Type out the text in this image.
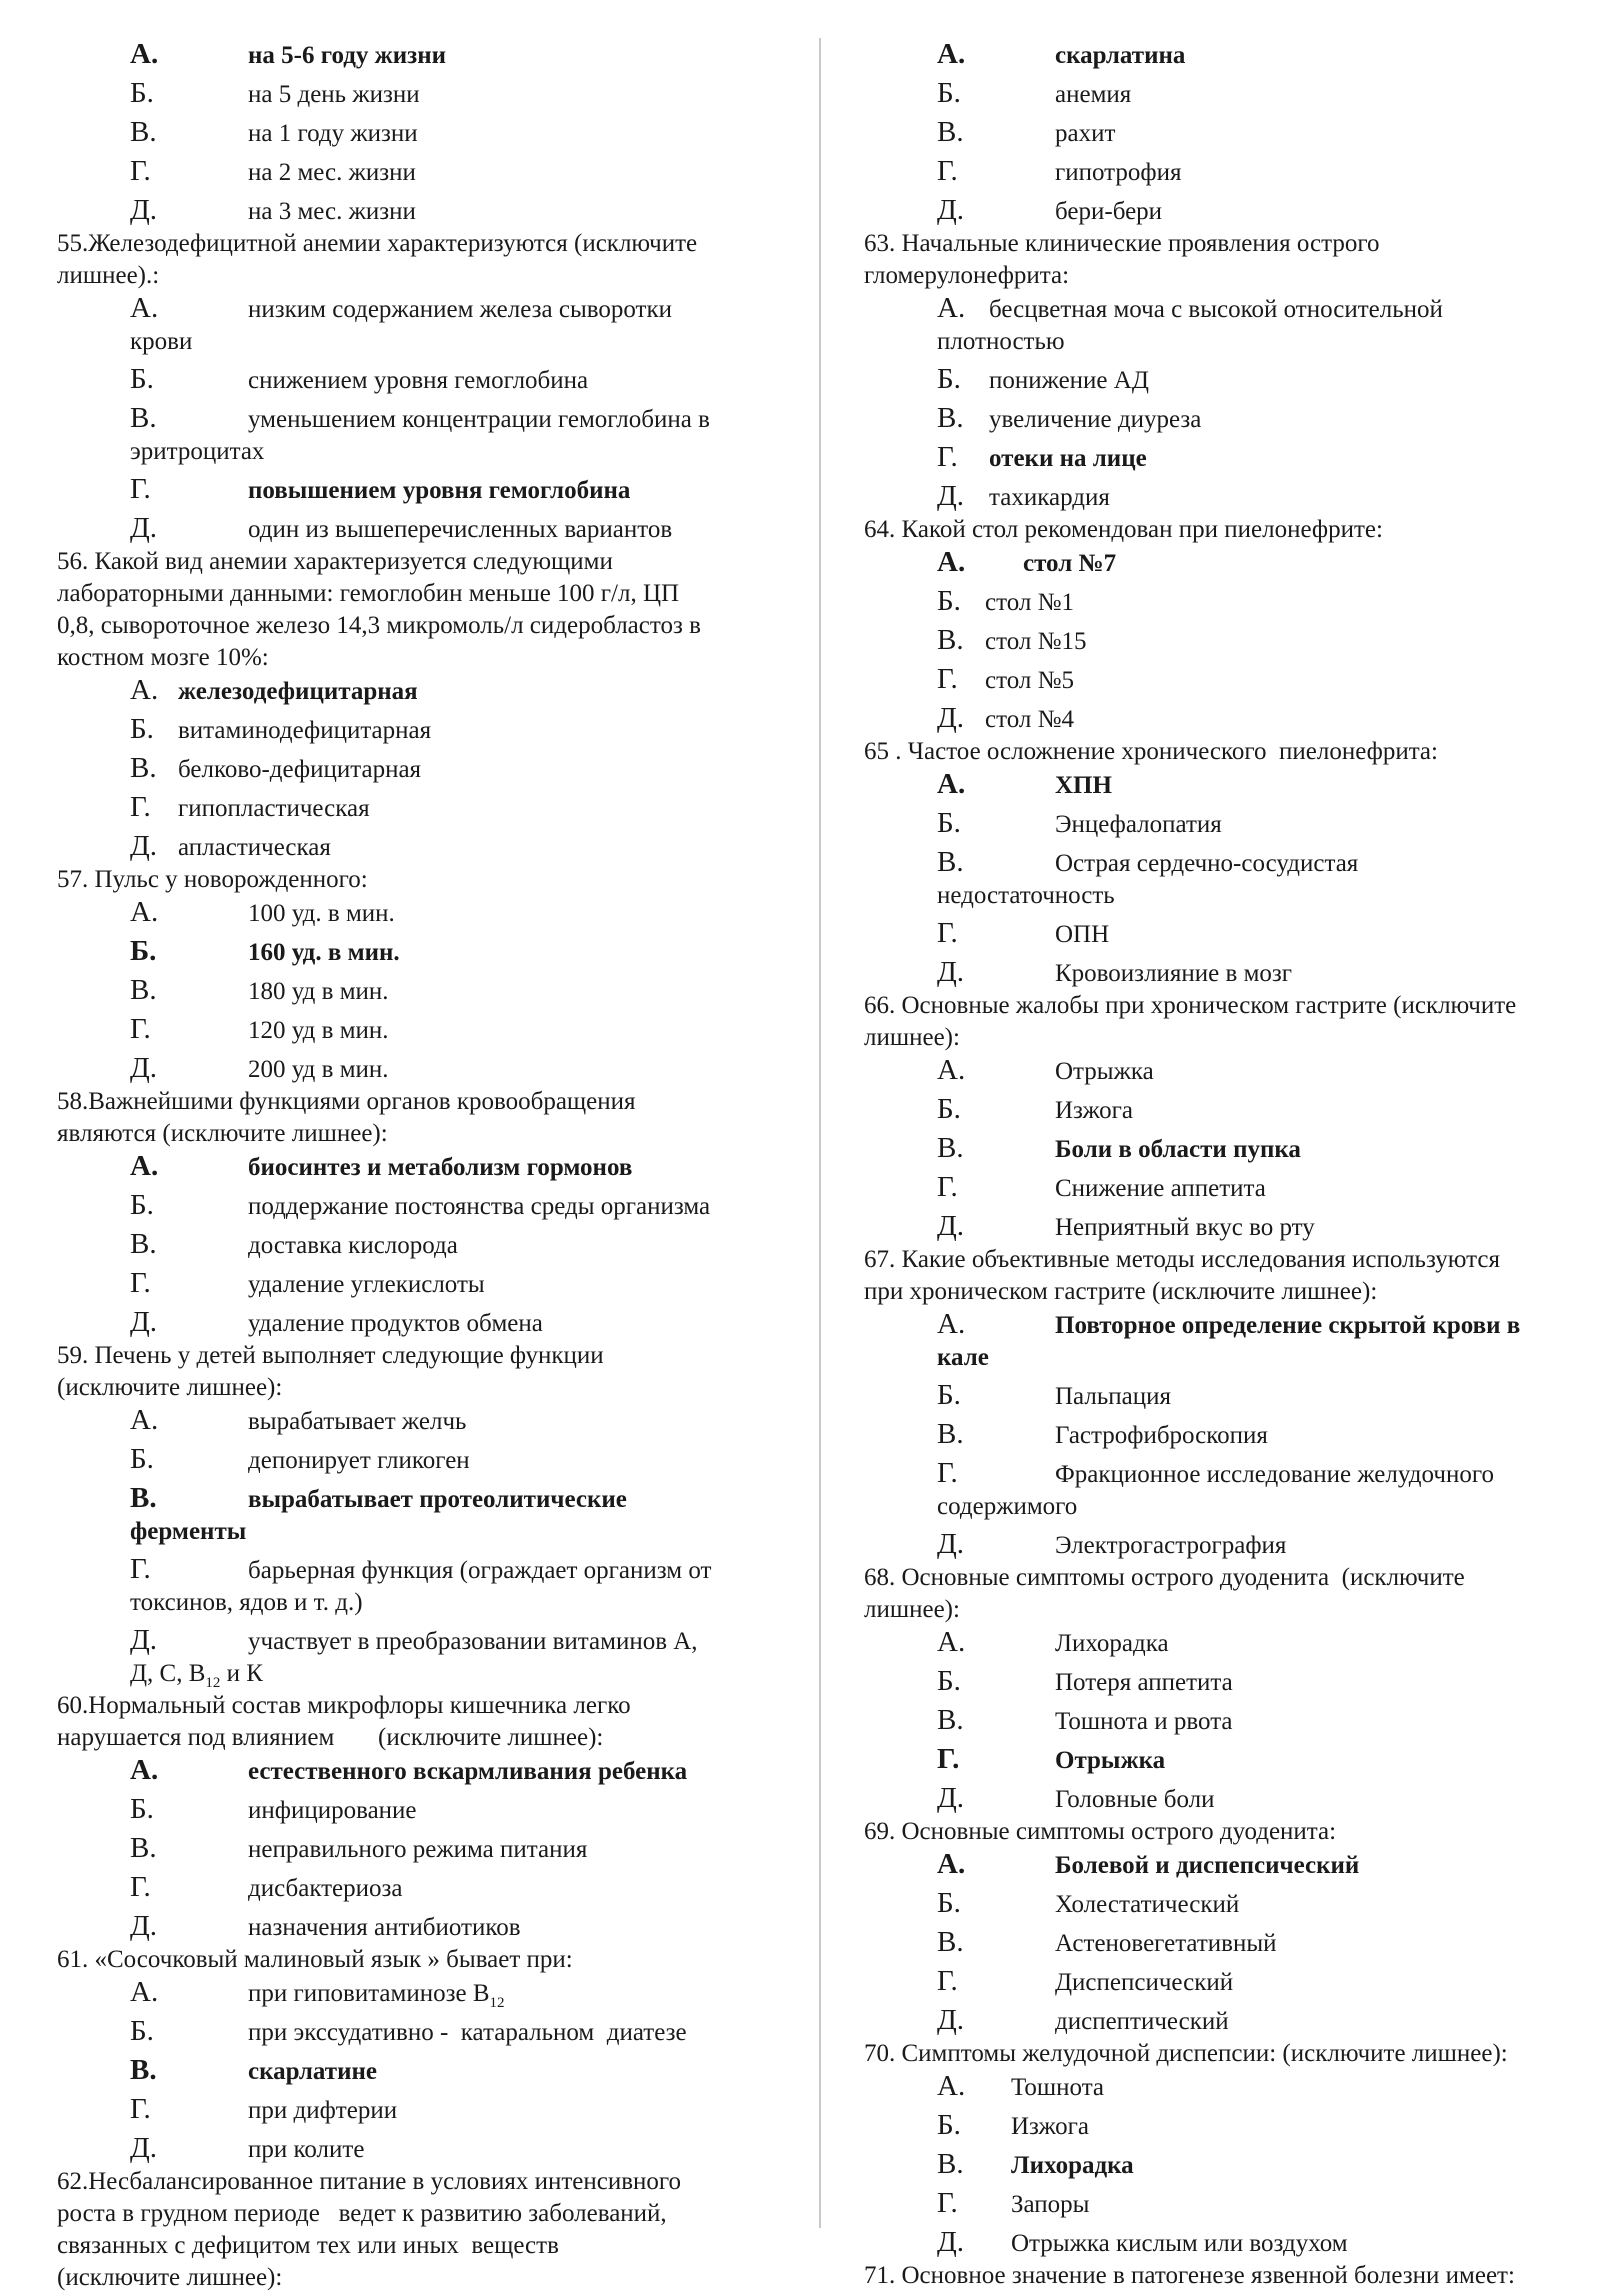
А.	на 5-6 году жизни
Б.	на 5 день жизни
В.	на 1 году жизни
Г.	на 2 мес. жизни
Д.	на 3 мес. жизни
55.Железодефицитной анемии характеризуются (исключите
лишнее).:
А.	низким содержанием железа сыворотки
крови
Б.	снижением уровня гемоглобина
В.	уменьшением концентрации гемоглобина в
эритроцитах
Г.	повышением уровня гемоглобина
Д.	один из вышеперечисленных вариантов
56. Какой вид анемии характеризуется следующими
лабораторными данными: гемоглобин меньше 100 г/л, ЦП
0,8, сывороточное железо 14,3 микромоль/л сидеробластоз в
костном мозге 10%:
А. железодефицитарная
Б. витаминодефицитарная
В. белково-дефицитарная
Г. гипопластическая
Д. апластическая
57. Пульс у новорожденного:
А.	100 уд. в мин.
Б.	160 уд. в мин.
В.	180 уд в мин.
Г.	120 уд в мин.
Д.	200 уд в мин.
58.Важнейшими функциями органов кровообращения
являются (исключите лишнее):
А.	биосинтез и метаболизм гормонов
Б.	поддержание постоянства среды организма
В.	доставка кислорода
Г.	удаление углекислоты
Д.	удаление продуктов обмена
59. Печень у детей выполняет следующие функции
(исключите лишнее):
А.	вырабатывает желчь
Б.	депонирует гликоген
В.	вырабатывает протеолитические
ферменты
Г.	барьерная функция (ограждает организм от
токсинов, ядов и т. д.)
Д.	участвует в преобразовании витаминов А,
Д, С, $В_{12}$ и К
60.Нормальный состав микрофлоры кишечника легко
нарушается под влиянием       (исключите лишнее):
А.	естественного вскармливания ребенка
Б.	инфицирование
В.	неправильного режима питания
Г.	дисбактериоза
Д.	назначения антибиотиков
61. «Сосочковый малиновый язык » бывает при:
А.	при гиповитаминозе $В_{12}$
Б.	при экссудативно -  катаральном  диатезе
В.	скарлатине
Г.	при дифтерии
Д.	при колите
62.Несбалансированное питание в условиях интенсивного
роста в грудном периоде   ведет к развитию заболеваний,
связанных с дефицитом тех или иных  веществ
(исключите лишнее):
А.	скарлатина
Б.	анемия
В.	рахит
Г.	гипотрофия
Д.	бери-бери
63. Начальные клинические проявления острого
гломерулонефрита:
А. бесцветная моча с высокой относительной
плотностью
Б. понижение АД
В. увеличение диуреза
Г. отеки на лице
Д. тахикардия
64. Какой стол рекомендован при пиелонефрите:
А. стол №7
Б. стол №1
В. стол №15
Г. стол №5
Д. стол №4
65 . Частое осложнение хронического  пиелонефрита:
А.	ХПН
Б.	Энцефалопатия
В.	Острая сердечно-сосудистая
недостаточность
Г.	ОПН
Д.	Кровоизлияние в мозг
66. Основные жалобы при хроническом гастрите (исключите
лишнее):
А.	Отрыжка
Б.	Изжога
В.	Боли в области пупка
Г.	Снижение аппетита
Д.	Неприятный вкус во рту
67. Какие объективные методы исследования используются
при хроническом гастрите (исключите лишнее):
А.	Повторное определение скрытой крови в
кале
Б.	Пальпация
В.	Гастрофиброскопия
Г.	Фракционное исследование желудочного
содержимого
Д.	Электрогастрография
68. Основные симптомы острого дуоденита  (исключите
лишнее):
А.	Лихорадка
Б.	Потеря аппетита
В.	Тошнота и рвота
Г.	Отрыжка
Д.	Головные боли
69. Основные симптомы острого дуоденита:
А.	Болевой и диспепсический
Б.	Холестатический
В.	Астеновегетативный
Г.	Диспепсический
Д.	диспептический
70. Симптомы желудочной диспепсии: (исключите лишнее):
А. Тошнота
Б. Изжога
В. Лихорадка
Г. Запоры
Д. Отрыжка кислым или воздухом
71. Основное значение в патогенезе язвенной болезни имеет:
